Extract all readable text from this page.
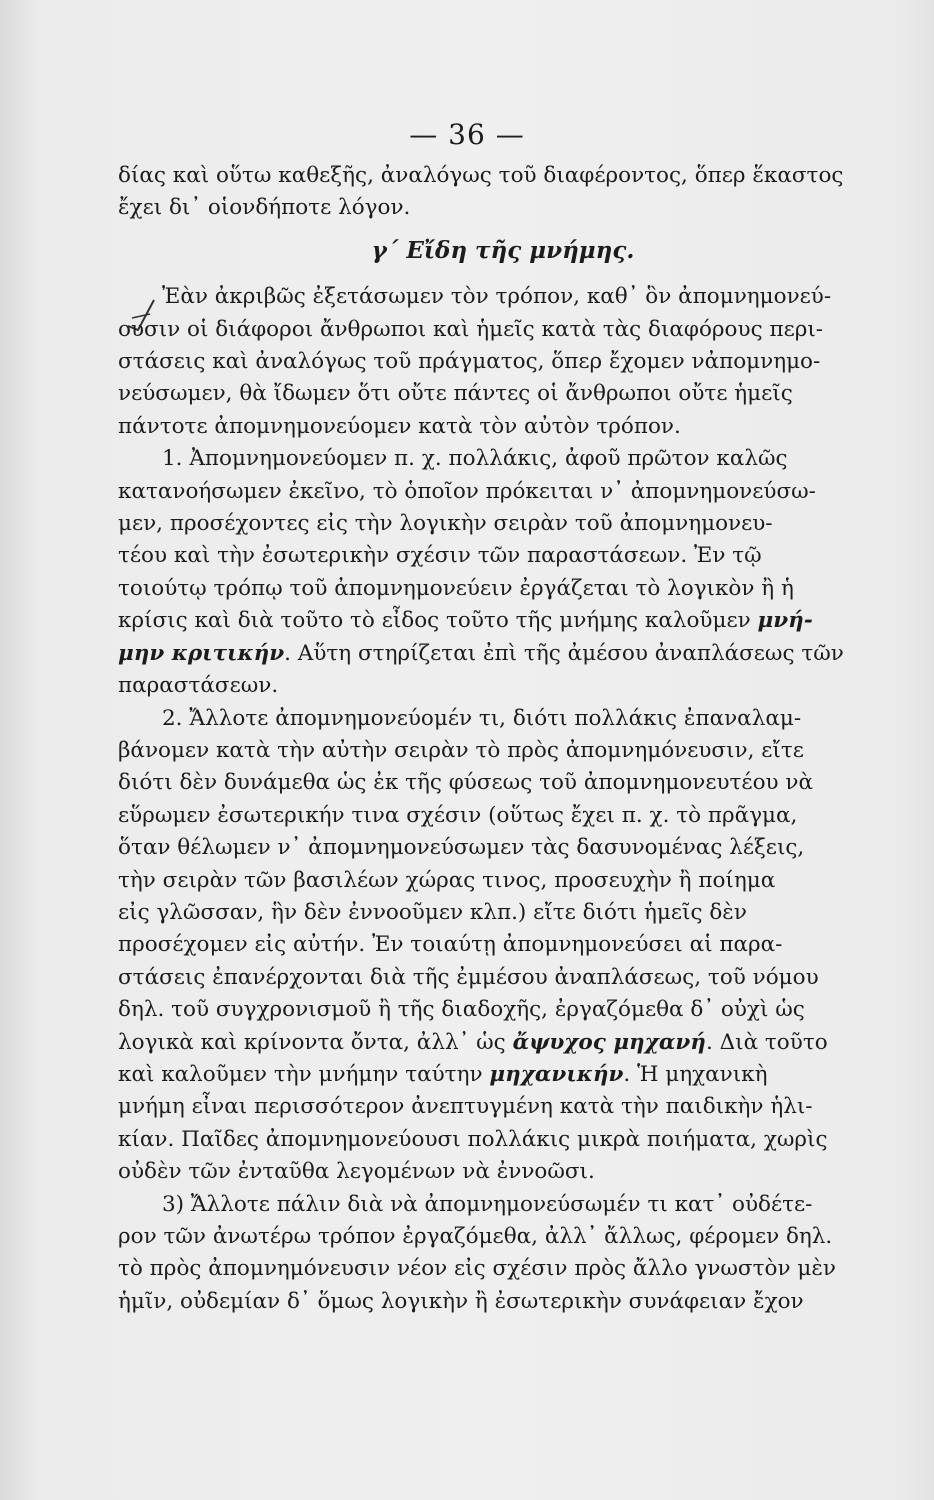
— 36 —
δίας καὶ οὕτω καθεξῆς, ἀναλόγως τοῦ διαφέροντος, ὅπερ ἕκαστος
ἔχει δι᾽ οἱονδήποτε λόγον.
γ΄ Εἴδη τῆς μνήμης.
Ἐὰν ἀκριβῶς ἐξετάσωμεν τὸν τρόπον, καθ᾽ ὃν ἀπομνημονεύ-
ουσιν οἱ διάφοροι ἄνθρωποι καὶ ἡμεῖς κατὰ τὰς διαφόρους περι-
στάσεις καὶ ἀναλόγως τοῦ πράγματος, ὅπερ ἔχομεν νἀπομνημο-
νεύσωμεν, θὰ ἴδωμεν ὅτι οὔτε πάντες οἱ ἄνθρωποι οὔτε ἡμεῖς
πάντοτε ἀπομνημονεύομεν κατὰ τὸν αὐτὸν τρόπον.
1. Ἀπομνημονεύομεν π. χ. πολλάκις, ἀφοῦ πρῶτον καλῶς
κατανοήσωμεν ἐκεῖνο, τὸ ὁποῖον πρόκειται ν᾽ ἀπομνημονεύσω-
μεν, προσέχοντες εἰς τὴν λογικὴν σειρὰν τοῦ ἀπομνημονευ-
τέου καὶ τὴν ἐσωτερικὴν σχέσιν τῶν παραστάσεων. Ἐν τῷ
τοιούτῳ τρόπῳ τοῦ ἀπομνημονεύειν ἐργάζεται τὸ λογικὸν ἢ ἡ
κρίσις καὶ διὰ τοῦτο τὸ εἶδος τοῦτο τῆς μνήμης καλοῦμεν μνή-
μην κριτικήν. Αὕτη στηρίζεται ἐπὶ τῆς ἀμέσου ἀναπλάσεως τῶν
παραστάσεων.
2. Ἄλλοτε ἀπομνημονεύομέν τι, διότι πολλάκις ἐπαναλαμ-
βάνομεν κατὰ τὴν αὐτὴν σειρὰν τὸ πρὸς ἀπομνημόνευσιν, εἴτε
διότι δὲν δυνάμεθα ὡς ἐκ τῆς φύσεως τοῦ ἀπομνημονευτέου νὰ
εὕρωμεν ἐσωτερικήν τινα σχέσιν (οὕτως ἔχει π. χ. τὸ πρᾶγμα,
ὅταν θέλωμεν ν᾽ ἀπομνημονεύσωμεν τὰς δασυνομένας λέξεις,
τὴν σειρὰν τῶν βασιλέων χώρας τινος, προσευχὴν ἢ ποίημα
εἰς γλῶσσαν, ἣν δὲν ἐννοοῦμεν κλπ.) εἴτε διότι ἡμεῖς δὲν
προσέχομεν εἰς αὐτήν. Ἐν τοιαύτῃ ἀπομνημονεύσει αἱ παρα-
στάσεις ἐπανέρχονται διὰ τῆς ἐμμέσου ἀναπλάσεως, τοῦ νόμου
δηλ. τοῦ συγχρονισμοῦ ἢ τῆς διαδοχῆς, ἐργαζόμεθα δ᾽ οὐχὶ ὡς
λογικὰ καὶ κρίνοντα ὄντα, ἀλλ᾽ ὡς ἄψυχος μηχανή. Διὰ τοῦτο
καὶ καλοῦμεν τὴν μνήμην ταύτην μηχανικήν. Ἡ μηχανικὴ
μνήμη εἶναι περισσότερον ἀνεπτυγμένη κατὰ τὴν παιδικὴν ἡλι-
κίαν. Παῖδες ἀπομνημονεύουσι πολλάκις μικρὰ ποιήματα, χωρὶς
οὐδὲν τῶν ἐνταῦθα λεγομένων νὰ ἐννοῶσι.
3) Ἄλλοτε πάλιν διὰ νὰ ἀπομνημονεύσωμέν τι κατ᾽ οὐδέτε-
ρον τῶν ἀνωτέρω τρόπον ἐργαζόμεθα, ἀλλ᾽ ἄλλως, φέρομεν δηλ.
τὸ πρὸς ἀπομνημόνευσιν νέον εἰς σχέσιν πρὸς ἄλλο γνωστὸν μὲν
ἡμῖν, οὐδεμίαν δ᾽ ὅμως λογικὴν ἢ ἐσωτερικὴν συνάφειαν ἔχον
